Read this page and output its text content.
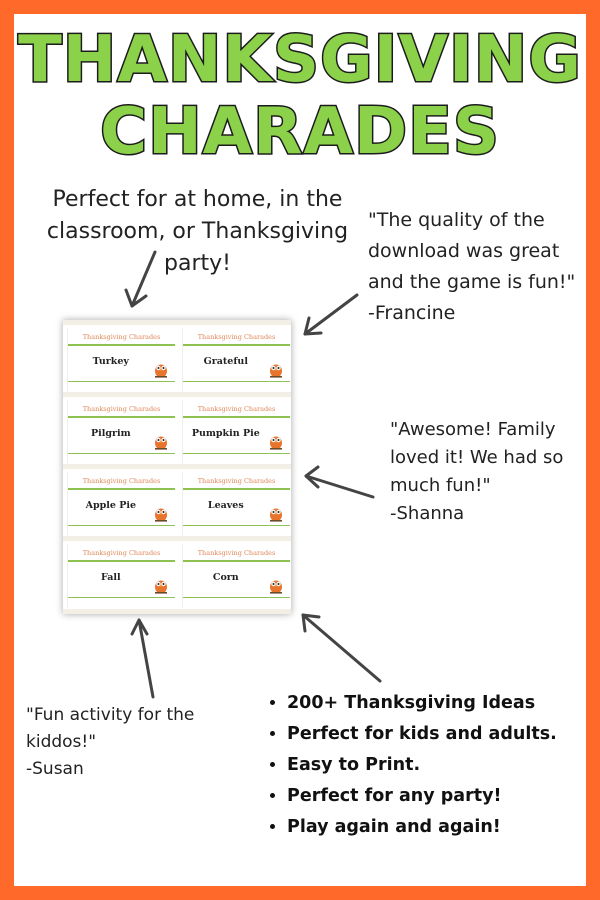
THANKSGIVING
CHARADES
Perfect for at home, in the
classroom, or Thanksgiving
party!
"The quality of the
download was great
and the game is fun!"
-Francine
"Awesome! Family
loved it! We had so
much fun!"
-Shanna
"Fun activity for the
kiddos!"
-Susan
• 200+ Thanksgiving Ideas
• Perfect for kids and adults.
• Easy to Print.
• Perfect for any party!
• Play again and again!
Thanksgiving Charades
Turkey
Thanksgiving Charades
Grateful
Thanksgiving Charades
Pilgrim
Thanksgiving Charades
Pumpkin Pie
Thanksgiving Charades
Apple Pie
Thanksgiving Charades
Leaves
Thanksgiving Charades
Fall
Thanksgiving Charades
Corn
